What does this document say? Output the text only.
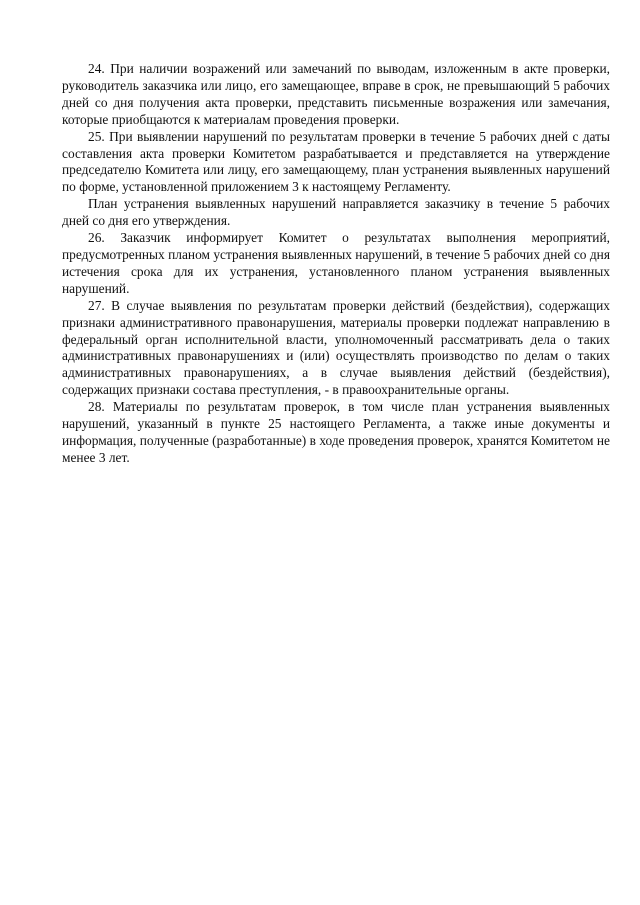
24. При наличии возражений или замечаний по выводам, изложенным в акте проверки, руководитель заказчика или лицо, его замещающее, вправе в срок, не превышающий 5 рабочих дней со дня получения акта проверки, представить письменные возражения или замечания, которые приобщаются к материалам проведения проверки.

25. При выявлении нарушений по результатам проверки в течение 5 рабочих дней с даты составления акта проверки Комитетом разрабатывается и представляется на утверждение председателю Комитета или лицу, его замещающему, план устранения выявленных нарушений по форме, установленной приложением 3 к настоящему Регламенту.

План устранения выявленных нарушений направляется заказчику в течение 5 рабочих дней со дня его утверждения.

26. Заказчик информирует Комитет о результатах выполнения мероприятий, предусмотренных планом устранения выявленных нарушений, в течение 5 рабочих дней со дня истечения срока для их устранения, установленного планом устранения выявленных нарушений.

27. В случае выявления по результатам проверки действий (бездействия), содержащих признаки административного правонарушения, материалы проверки подлежат направлению в федеральный орган исполнительной власти, уполномоченный рассматривать дела о таких административных правонарушениях и (или) осуществлять производство по делам о таких административных правонарушениях, а в случае выявления действий (бездействия), содержащих признаки состава преступления, - в правоохранительные органы.

28. Материалы по результатам проверок, в том числе план устранения выявленных нарушений, указанный в пункте 25 настоящего Регламента, а также иные документы и информация, полученные (разработанные) в ходе проведения проверок, хранятся Комитетом не менее 3 лет.
